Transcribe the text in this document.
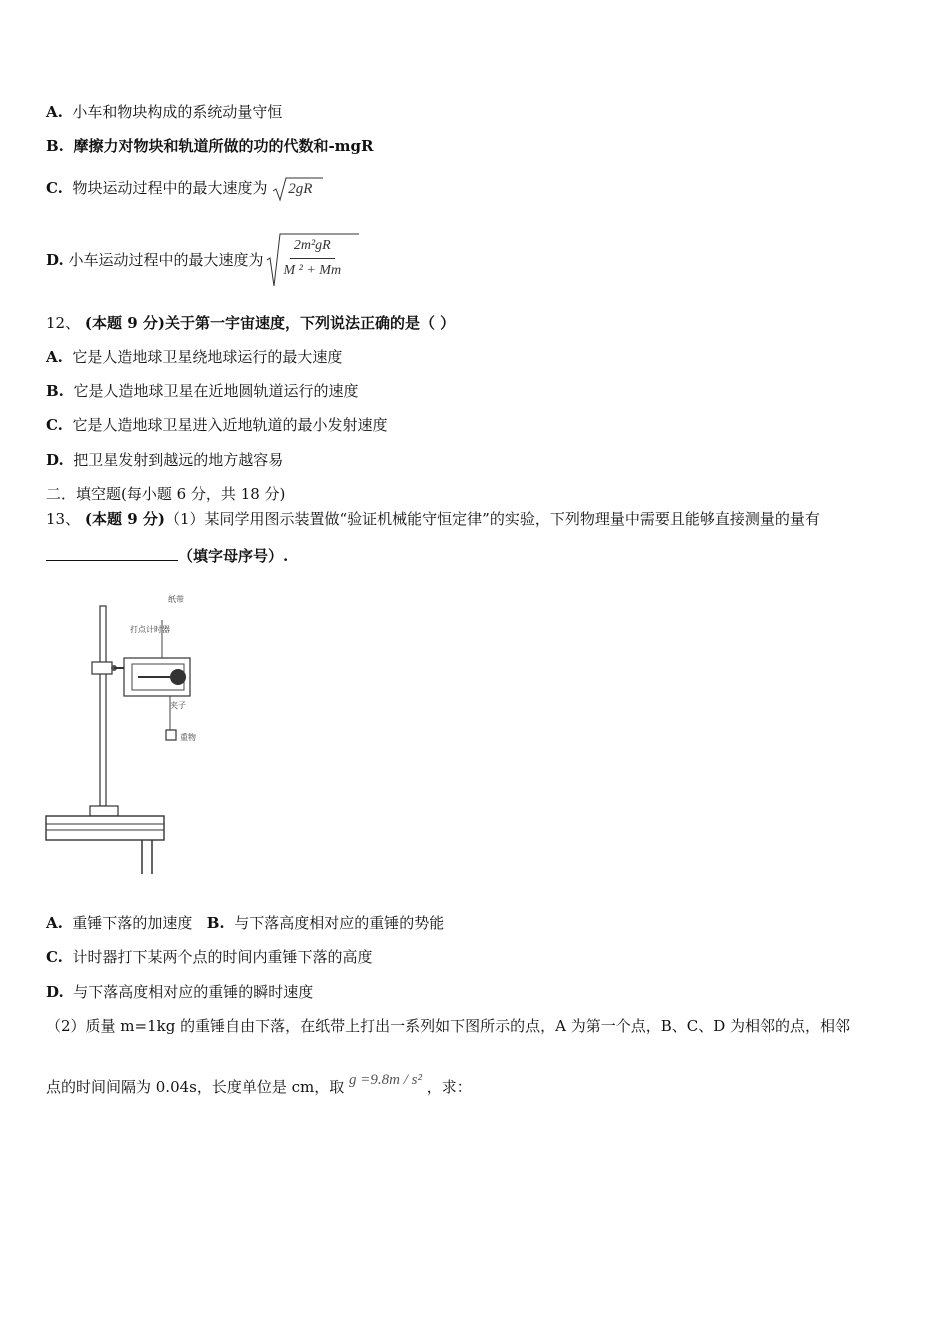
A. 小车和物块构成的系统动量守恒
B. 摩擦力对物块和轨道所做的功的代数和-mgR
C. 物块运动过程中的最大速度为 2gR
D.
小车运动过程中的最大速度为 $\frac{\text{2m²gR}}{\text{M ² + Mm}}$
12、 (本题 9 分)关于第一宇宙速度，下列说法正确的是（ ）
A. 它是人造地球卫星绕地球运行的最大速度
B. 它是人造地球卫星在近地圆轨道运行的速度
C. 它是人造地球卫星进入近地轨道的最小发射速度
D. 把卫星发射到越远的地方越容易
二．填空题(每小题 6 分，共 18 分)
13、 (本题 9 分)（1）某同学用图示装置做“验证机械能守恒定律”的实验，下列物理量中需要且能够直接测量的量有
（填字母序号）.
打点计时器
纸带
夹子
重物
A. 重锤下落的加速度 B. 与下落高度相对应的重锤的势能
C. 计时器打下某两个点的时间内重锤下落的高度
D. 与下落高度相对应的重锤的瞬时速度
（2）质量 m=1kg 的重锤自由下落，在纸带上打出一系列如下图所示的点，A 为第一个点，B、C、D 为相邻的点，相邻
点的时间间隔为 0.04s，长度单位是 cm，取 g =9.8m / s² ，求：
